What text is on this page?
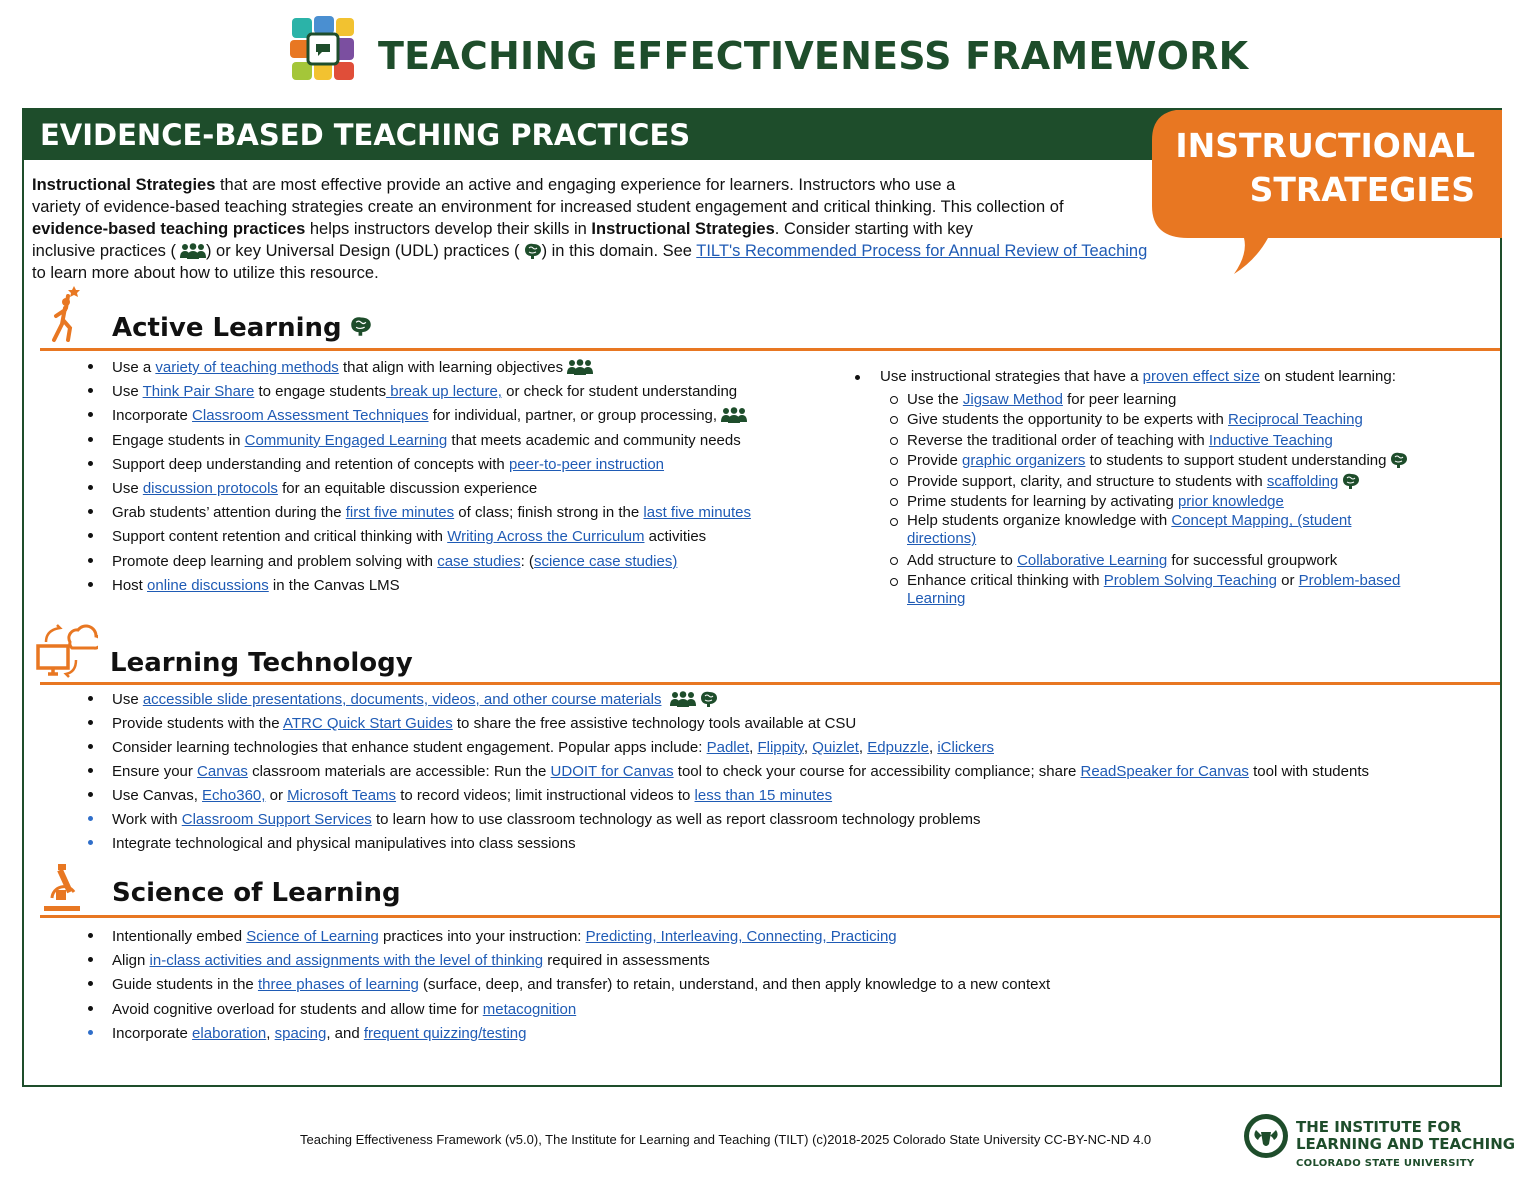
TEACHING EFFECTIVENESS FRAMEWORK
EVIDENCE-BASED TEACHING PRACTICES	INSTRUCTIONAL
STRATEGIES
Instructional Strategies that are most effective provide an active and engaging experience for learners. Instructors who use a
variety of evidence-based teaching strategies create an environment for increased student engagement and critical thinking. This collection of
evidence-based teaching practices helps instructors develop their skills in Instructional Strategies. Consider starting with key
inclusive practices ( ) or key Universal Design (UDL) practices ( ) in this domain. See TILT's Recommended Process for Annual Review of Teaching
to learn more about how to utilize this resource.
Active Learning
Use a variety of teaching methods that align with learning objectives
Use Think Pair Share to engage students break up lecture, or check for student understanding
Incorporate Classroom Assessment Techniques for individual, partner, or group processing,
Engage students in Community Engaged Learning that meets academic and community needs
Support deep understanding and retention of concepts with peer-to-peer instruction
Use discussion protocols for an equitable discussion experience
Grab students’ attention during the first five minutes of class; finish strong in the last five minutes
Support content retention and critical thinking with Writing Across the Curriculum activities
Promote deep learning and problem solving with case studies: (science case studies)
Host online discussions in the Canvas LMS
Use instructional strategies that have a proven effect size on student learning:
Use the Jigsaw Method for peer learning
Give students the opportunity to be experts with Reciprocal Teaching
Reverse the traditional order of teaching with Inductive Teaching
Provide graphic organizers to students to support student understanding
Provide support, clarity, and structure to students with scaffolding
Prime students for learning by activating prior knowledge
Help students organize knowledge with Concept Mapping, (student
directions)
Add structure to Collaborative Learning for successful groupwork
Enhance critical thinking with Problem Solving Teaching or Problem-based
Learning
Learning Technology
Use accessible slide presentations, documents, videos, and other course materials
Provide students with the ATRC Quick Start Guides to share the free assistive technology tools available at CSU
Consider learning technologies that enhance student engagement. Popular apps include: Padlet, Flippity, Quizlet, Edpuzzle, iClickers
Ensure your Canvas classroom materials are accessible: Run the UDOIT for Canvas tool to check your course for accessibility compliance; share ReadSpeaker for Canvas tool with students
Use Canvas, Echo360, or Microsoft Teams to record videos; limit instructional videos to less than 15 minutes
Work with Classroom Support Services to learn how to use classroom technology as well as report classroom technology problems
Integrate technological and physical manipulatives into class sessions
Science of Learning
Intentionally embed Science of Learning practices into your instruction: Predicting, Interleaving, Connecting, Practicing
Align in-class activities and assignments with the level of thinking required in assessments
Guide students in the three phases of learning (surface, deep, and transfer) to retain, understand, and then apply knowledge to a new context
Avoid cognitive overload for students and allow time for metacognition
Incorporate elaboration, spacing, and frequent quizzing/testing
Teaching Effectiveness Framework (v5.0), The Institute for Learning and Teaching (TILT) (c)2018-2025 Colorado State University CC-BY-NC-ND 4.0
THE INSTITUTE FOR
LEARNING AND TEACHING
COLORADO STATE UNIVERSITY
